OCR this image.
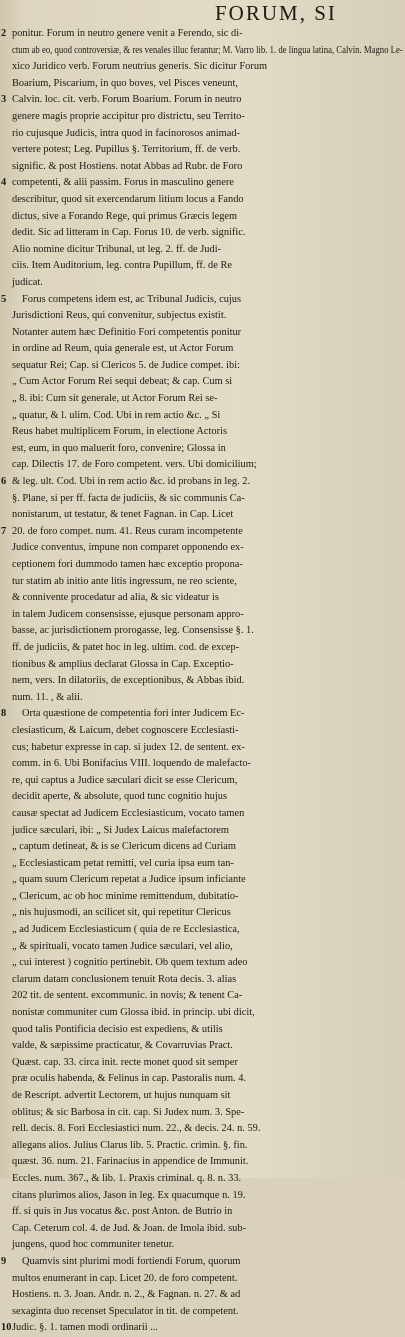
FORUM, SI
2 ponitur. Forum in neutro genere venit a Ferendo, sic di-
ctum ab eo, quod controversiæ, & res venales illuc ferantur; M. Varro lib. 1. de lingua latina, Calvin. Magno Le-
xico Juridico verb. Forum neutrius generis. Sic dicitur Forum
Boarium, Piscarium, in quo boves, vel Pisces veneunt,
3 Calvin. loc. cit. verb. Forum Boarium. Forum in neutro
genere magis proprie accipitur pro districtu, seu Territo-
rio cujusque Judicis, intra quod in facinorosos animad-
vertere potest; Leg. Pupillus §. Territorium, ff. de verb.
signific. & post Hostiens. notat Abbas ad Rubr. de Foro
4 competenti, & alii passim. Forus in masculino genere
describitur, quod sit exercendarum litium locus a Fando
dictus, sive a Forando Rege, qui primus Græcis legem
dedit. Sic ad litteram in Cap. Forus 10. de verb. signific.
Alio nomine dicitur Tribunal, ut leg. 2. ff. de Judi-
ciis. Item Auditorium, leg. contra Pupillum, ff. de Re
judicat.
5	Forus competens idem est, ac Tribunal Judicis, cujus
Jurisdictioni Reus, qui convenitur, subjectus existit.
Notanter autem hæc Definitio Fori competentis ponitur
in ordine ad Reum, quia generale est, ut Actor Forum
sequatur Rei; Cap. si Clericos 5. de Judice compet. ibi:
„ Cum Actor Forum Rei sequi debeat; & cap. Cum si
„ 8. ibi: Cum sit generale, ut Actor Forum Rei se-
„ quatur, & l. ulim. Cod. Ubi in rem actio &c. „ Si
Reus habet multiplicem Forum, in electione Actoris
est, eum, in quo maluerit foro, convenire; Glossa in
cap. Dilectis 17. de Foro competent. vers. Ubi domicilium;
6 & leg. ult. Cod. Ubi in rem actio &c. id probans in leg. 2.
§. Plane, si per ff. facta de judiciis, & sic communis Ca-
nonistarum, ut testatur, & tenet Fagnan. in Cap. Licet
7 20. de foro compet. num. 41. Reus curam incompetente
Judice conventus, impune non comparet opponendo ex-
ceptionem fori dummodo tamen hæc exceptio propona-
tur statim ab initio ante litis ingressum, ne reo sciente,
& conniventе procedatur ad alia, & sic videatur is
in talem Judicem consensisse, ejusque personam appro-
basse, ac jurisdictionem prorogasse, leg. Consensisse §. 1.
ff. de judiciis, & patet hoc in leg. ultim. cod. de excep-
tionibus & amplius declarat Glossa in Cap. Exceptio-
nem, vers. In dilatoriis, de exceptionibus, & Abbas ibid.
num. 11. , & alii.
8	Orta quæstione de competentia fori inter Judicem Ec-
clesiasticum, & Laicum, debet cognoscere Ecclesiasti-
cus; habetur expresse in cap. si judex 12. de sentent. ex-
comm. in 6. Ubi Bonifacius VIII. loquendo de malefacto-
re, qui captus a Judice sæculari dicit se esse Clericum,
decidit aperte, & absolute, quod tunc cognitio hujus
causæ spectat ad Judicem Ecclesiasticum, vocato tamen
judice sæculari, ibi: „ Si Judex Laicus malefactorem
„ captum detineat, & is se Clericum dicens ad Curiam
„ Ecclesiasticam petat remitti, vel curia ipsa eum tan-
„ quam suum Clericum repetat a Judice ipsum inficiante
„ Clericum, ac ob hoc minime remittendum, dubitatio-
„ nis hujusmodi, an scilicet sit, qui repetitur Clericus
„ ad Judicem Ecclesiasticum ( quia de re Ecclesiastica,
„ & spirituali, vocato tamen Judice sæculari, vel alio,
„ cui interest ) cognitio pertinebit. Ob quem textum adeo
clarum datam conclusionem tenuit Rota decis. 3. alias
202 tit. de sentent. excommunic. in novis; & tenent Ca-
nonistæ communiter cum Glossa ibid. in princip. ubi dicit,
quod talis Pontificia decisio est expediens, & utilis
valde, & sæpissime practicatur, & Covarruvias Pract.
Quæst. cap. 33. circa init. recte monet quod sit semper
præ oculis habenda, & Felinus in cap. Pastoralis num. 4.
de Rescript. advertit Lectorem, ut hujus nunquam sit
oblitus; & sic Barbosa in cit. cap. Si Judex num. 3. Spe-
rell. decis. 8. Fori Ecclesiastici num. 22., & decis. 24. n. 59.
allegans alios. Julius Clarus lib. 5. Practic. crimin. §. fin.
quæst. 36. num. 21. Farinacius in appendice de Immunit.
Eccles. num. 367., & lib. 1. Praxis criminal. q. 8. n. 33.
citans plurimos alios, Jason in leg. Ex quacumque n. 19.
ff. si quis in Jus vocatus &c. post Anton. de Butrio in
Cap. Ceterum col. 4. de Jud. & Joan. de Imola ibid. sub-
jungens, quod hoc communiter tenetur.
9	Quamvis sint plurimi modi fortiendi Forum, quorum
multos enumerant in cap. Licet 20. de foro competent.
Hostiens. n. 3. Joan. Andr. n. 2., & Fagnan. n. 27. & ad
sexaginta duo recenset Speculator in tit. de competent.
10 Judic. §. 1. tamen modi ordinarii ...
